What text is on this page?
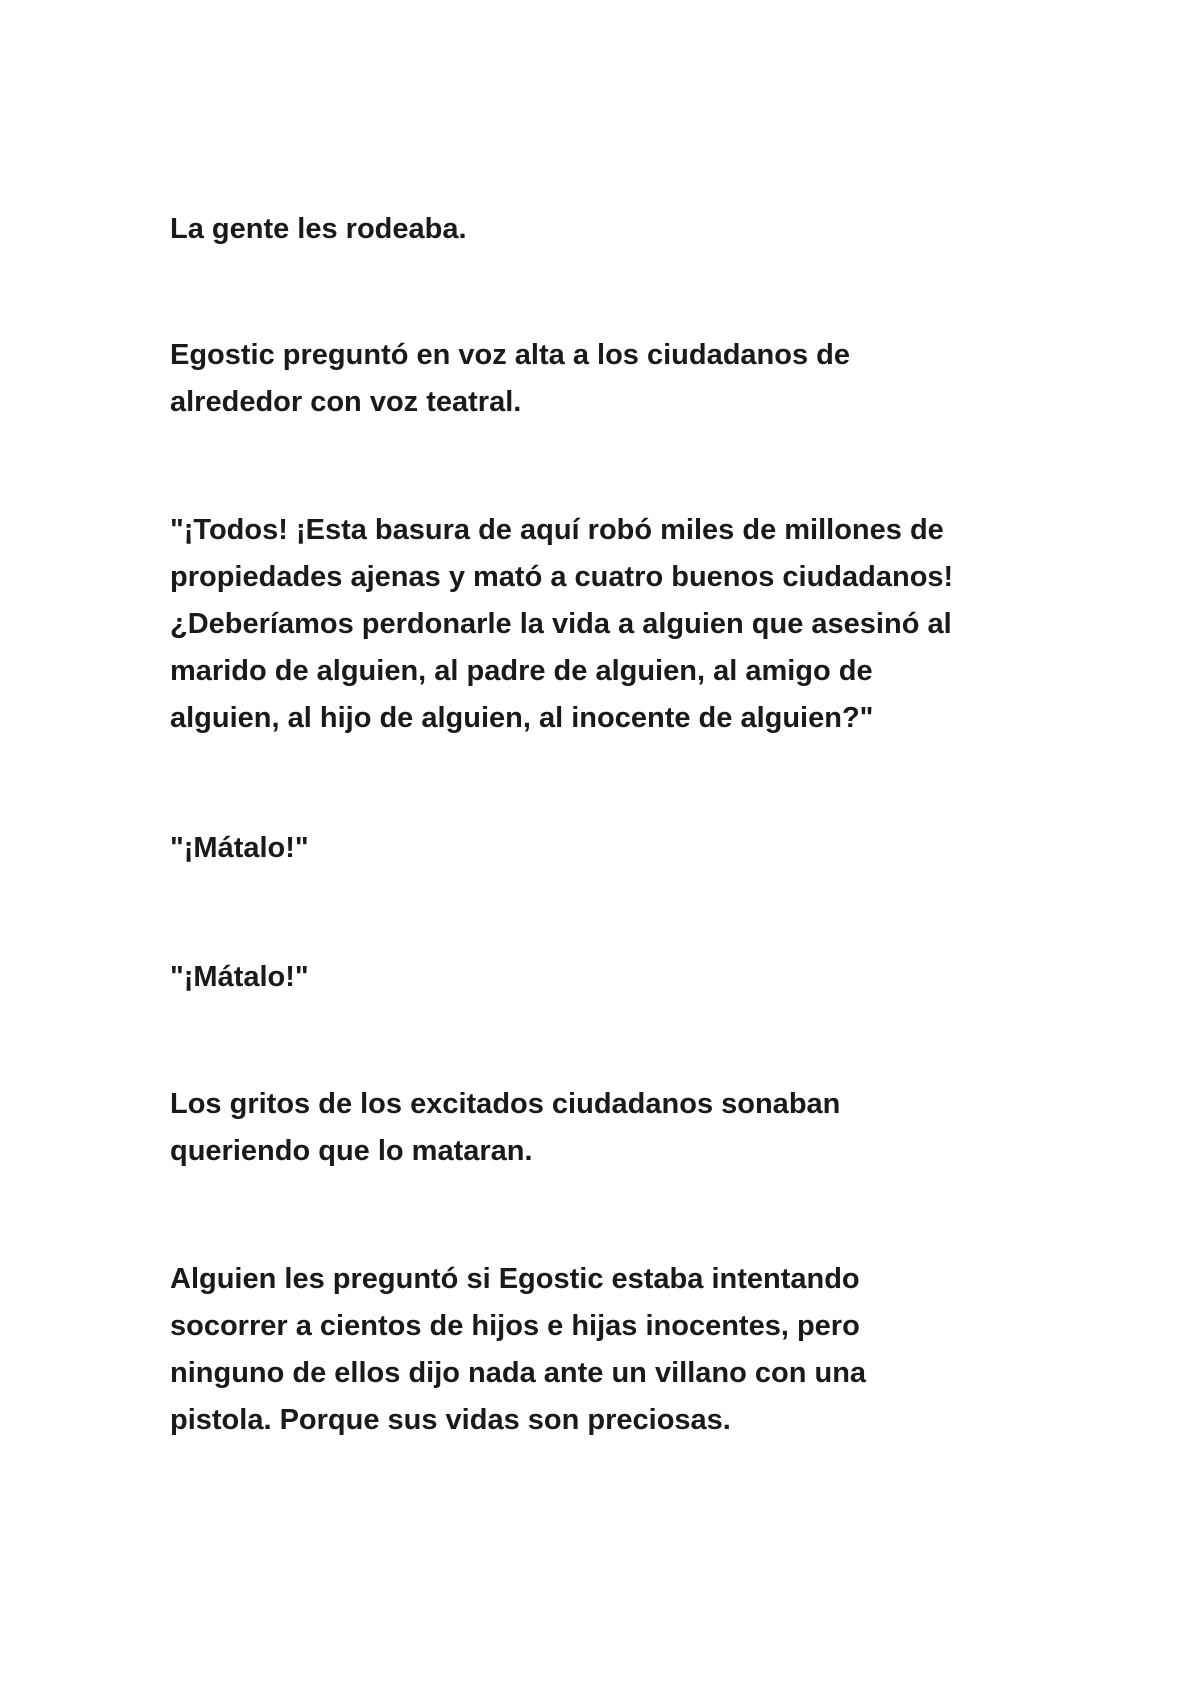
La gente les rodeaba.

Egostic preguntó en voz alta a los ciudadanos de
alrededor con voz teatral.

"¡Todos! ¡Esta basura de aquí robó miles de millones de
propiedades ajenas y mató a cuatro buenos ciudadanos!
¿Deberíamos perdonarle la vida a alguien que asesinó al
marido de alguien, al padre de alguien, al amigo de
alguien, al hijo de alguien, al inocente de alguien?"

"¡Mátalo!"

"¡Mátalo!"

Los gritos de los excitados ciudadanos sonaban
queriendo que lo mataran.

Alguien les preguntó si Egostic estaba intentando
socorrer a cientos de hijos e hijas inocentes, pero
ninguno de ellos dijo nada ante un villano con una
pistola. Porque sus vidas son preciosas.
